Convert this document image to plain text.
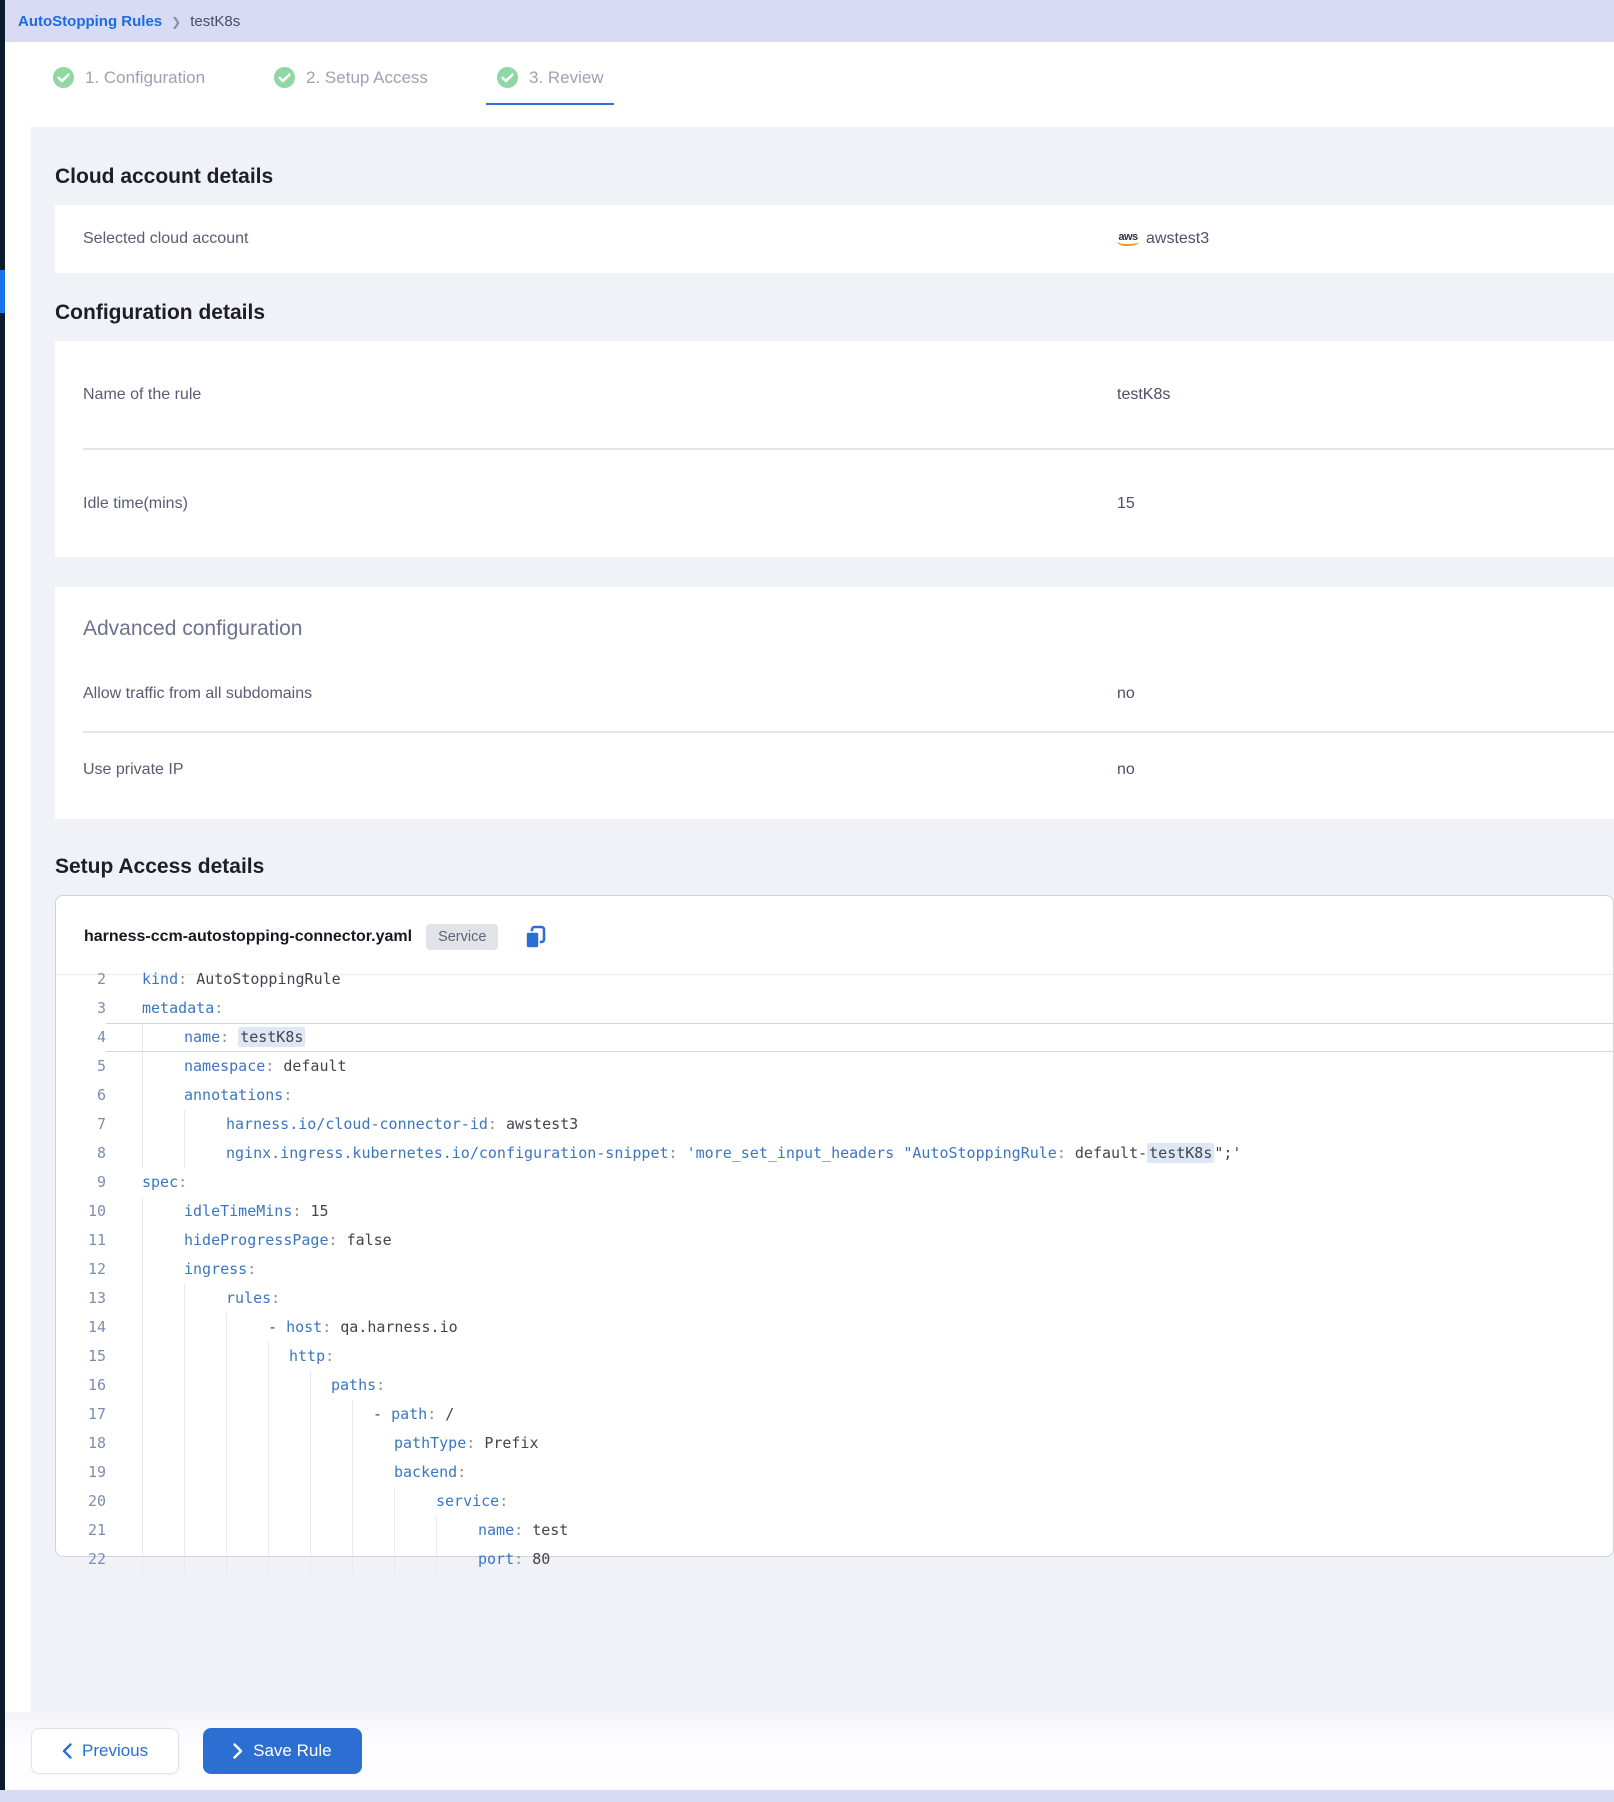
AutoStopping Rules ❯ testK8s
1. Configuration	2. Setup Access	3. Review
Cloud account details
Selected cloud account	aws awstest3
Configuration details
Name of the rule	testK8s
Idle time(mins)	15
Advanced configuration
Allow traffic from all subdomains	no
Use private IP	no
Setup Access details
harness-ccm-autostopping-connector.yaml	Service
2	kind: AutoStoppingRule
3	metadata:
4	name: testK8s
5	namespace: default
6	annotations:
7	harness.io/cloud-connector-id: awstest3
8	nginx.ingress.kubernetes.io/configuration-snippet: 'more_set_input_headers "AutoStoppingRule: default- testK8s ";'
9	spec:
10	idleTimeMins: 15
11	hideProgressPage: false
12	ingress:
13	rules:
14	- host: qa.harness.io
15	http:
16	paths:
17	- path: /
18	pathType: Prefix
19	backend:
20	service:
21	name: test
22	port: 80
Previous	Save Rule
